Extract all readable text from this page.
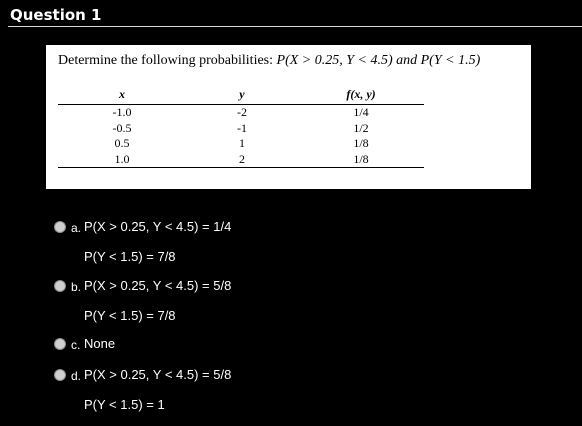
Question 1
Determine the following probabilities: P(X > 0.25, Y < 4.5) and P(Y < 1.5)
x	y	f(x, y)
-1.0	-2	1/4
-0.5	-1	1/2
0.5	1	1/8
1.0	2	1/8
a. P(X > 0.25, Y < 4.5) = 1/4
P(Y < 1.5) = 7/8
b. P(X > 0.25, Y < 4.5) = 5/8
P(Y < 1.5) = 7/8
c. None
d. P(X > 0.25, Y < 4.5) = 5/8
P(Y < 1.5) = 1
